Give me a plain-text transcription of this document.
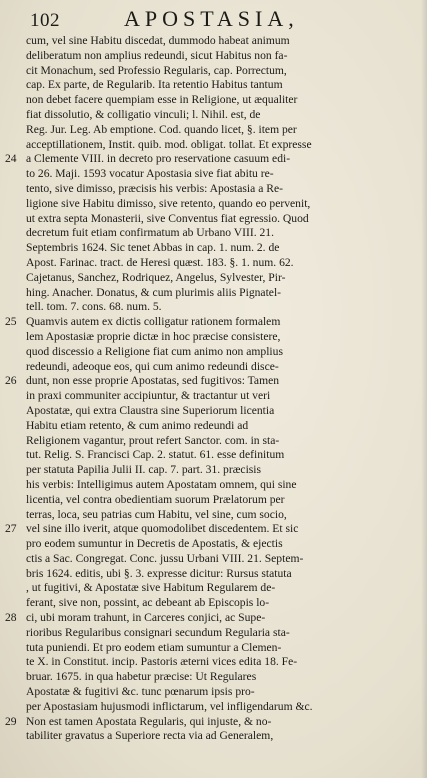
102	APOSTASIA,
cum, vel sine Habitu discedat, dummodo habeat animum
deliberatum non amplius redeundi, sicut Habitus non fa-
cit Monachum, sed Professio Regularis, cap. Porrectum,
cap. Ex parte, de Regularib. Ita retentio Habitus tantum
non debet facere quempiam esse in Religione, ut æqualiter
fiat dissolutio, & colligatio vinculi; l. Nihil. est, de
Reg. Jur. Leg. Ab emptione. Cod. quando licet, §. item per
acceptillationem, Instit. quib. mod. obligat. tollat. Et expresse
24 a Clemente VIII. in decreto pro reservatione casuum edi-
to 26. Maji. 1593 vocatur Apostasia sive fiat abitu re-
tento, sive dimisso, præcisis his verbis: Apostasia a Re-
ligione sive Habitu dimisso, sive retento, quando eo pervenit,
ut extra septa Monasterii, sive Conventus fiat egressio. Quod
decretum fuit etiam confirmatum ab Urbano VIII. 21.
Septembris 1624. Sic tenet Abbas in cap. 1. num. 2. de
Apost. Farinac. tract. de Heresi quæst. 183. §. 1. num. 62.
Cajetanus, Sanchez, Rodriquez, Angelus, Sylvester, Pir-
hing. Anacher. Donatus, & cum plurimis aliis Pignatel-
tell. tom. 7. cons. 68. num. 5.
25 Quamvis autem ex dictis colligatur rationem formalem
lem Apostasiæ proprie dictæ in hoc præcise consistere,
quod discessio a Religione fiat cum animo non amplius
redeundi, adeoque eos, qui cum animo redeundi disce-
26 dunt, non esse proprie Apostatas, sed fugitivos: Tamen
in praxi communiter accipiuntur, & tractantur ut veri
Apostatæ, qui extra Claustra sine Superiorum licentia
Habitu etiam retento, & cum animo redeundi ad
Religionem vagantur, prout refert Sanctor. com. in sta-
tut. Relig. S. Francisci Cap. 2. statut. 61. esse definitum
per statuta Papilia Julii II. cap. 7. part. 31. præcisis
his verbis: Intelligimus autem Apostatam omnem, qui sine
licentia, vel contra obedientiam suorum Prælatorum per
terras, loca, seu patrias cum Habitu, vel sine, cum socio,
27 vel sine illo iverit, atque quomodolibet discedentem. Et sic
pro eodem sumuntur in Decretis de Apostatis, & ejectis
ctis a Sac. Congregat. Conc. jussu Urbani VIII. 21. Septem-
bris 1624. editis, ubi §. 3. expresse dicitur: Rursus statuta
, ut fugitivi, & Apostatæ sive Habitum Regularem de-
ferant, sive non, possint, ac debeant ab Episcopis lo-
28 ci, ubi moram trahunt, in Carceres conjici, ac Supe-
rioribus Regularibus consignari secundum Regularia sta-
tuta puniendi. Et pro eodem etiam sumuntur a Clemen-
te X. in Constitut. incip. Pastoris æterni vices edita 18. Fe-
bruar. 1675. in qua habetur præcise: Ut Regulares
Apostatæ & fugitivi &c. tunc pœnarum ipsis pro-
per Apostasiam hujusmodi inflictarum, vel infligendarum &c.
29 Non est tamen Apostata Regularis, qui injuste, & no-
tabiliter gravatus a Superiore recta via ad Generalem,
